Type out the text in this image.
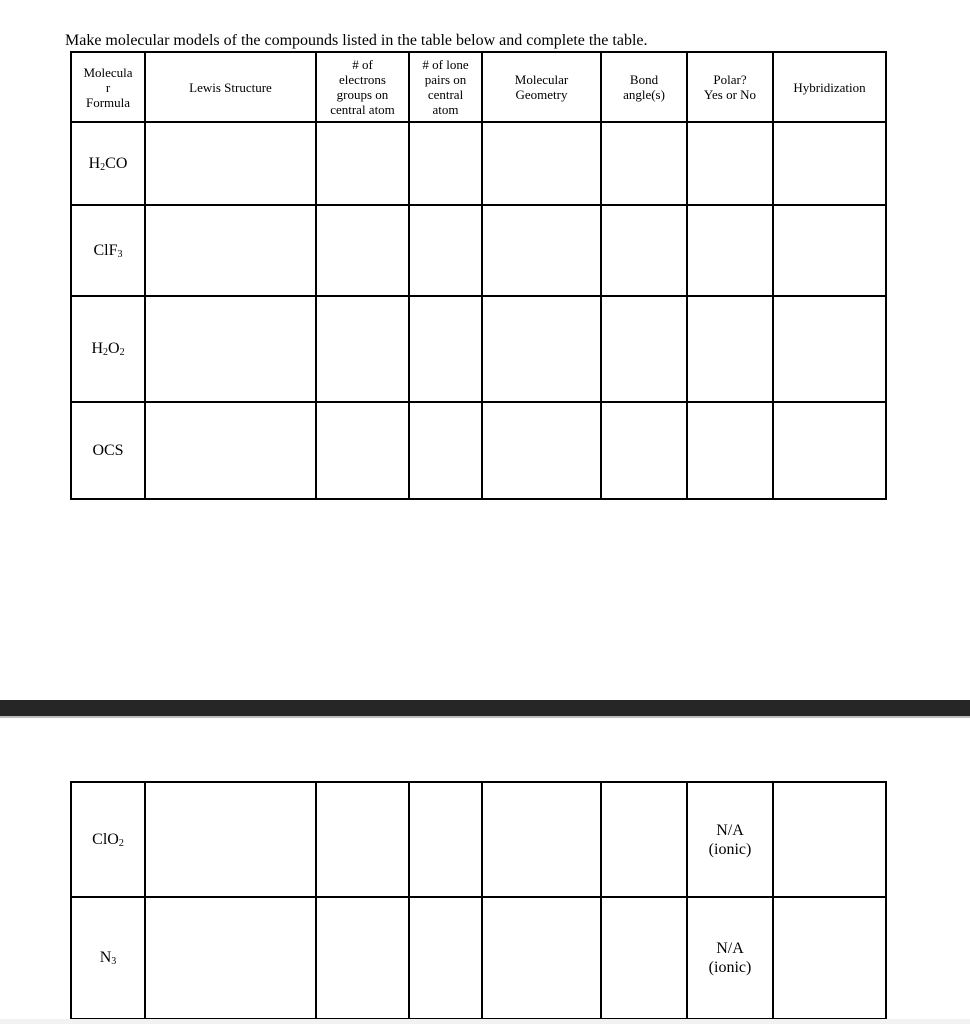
Make molecular models of the compounds listed in the table below and complete the table.
Molecula
r
Formula	Lewis Structure	# of
electrons
groups on
central atom	# of lone
pairs on
central
atom	Molecular
Geometry	Bond
angle(s)	Polar?
Yes or No	Hybridization
$H_2CO$							
ClF$_3$							
$H_2O_2$							
OCS							
ClO$_2$						N/A
(ionic)	
$N_3$						N/A
(ionic)	
